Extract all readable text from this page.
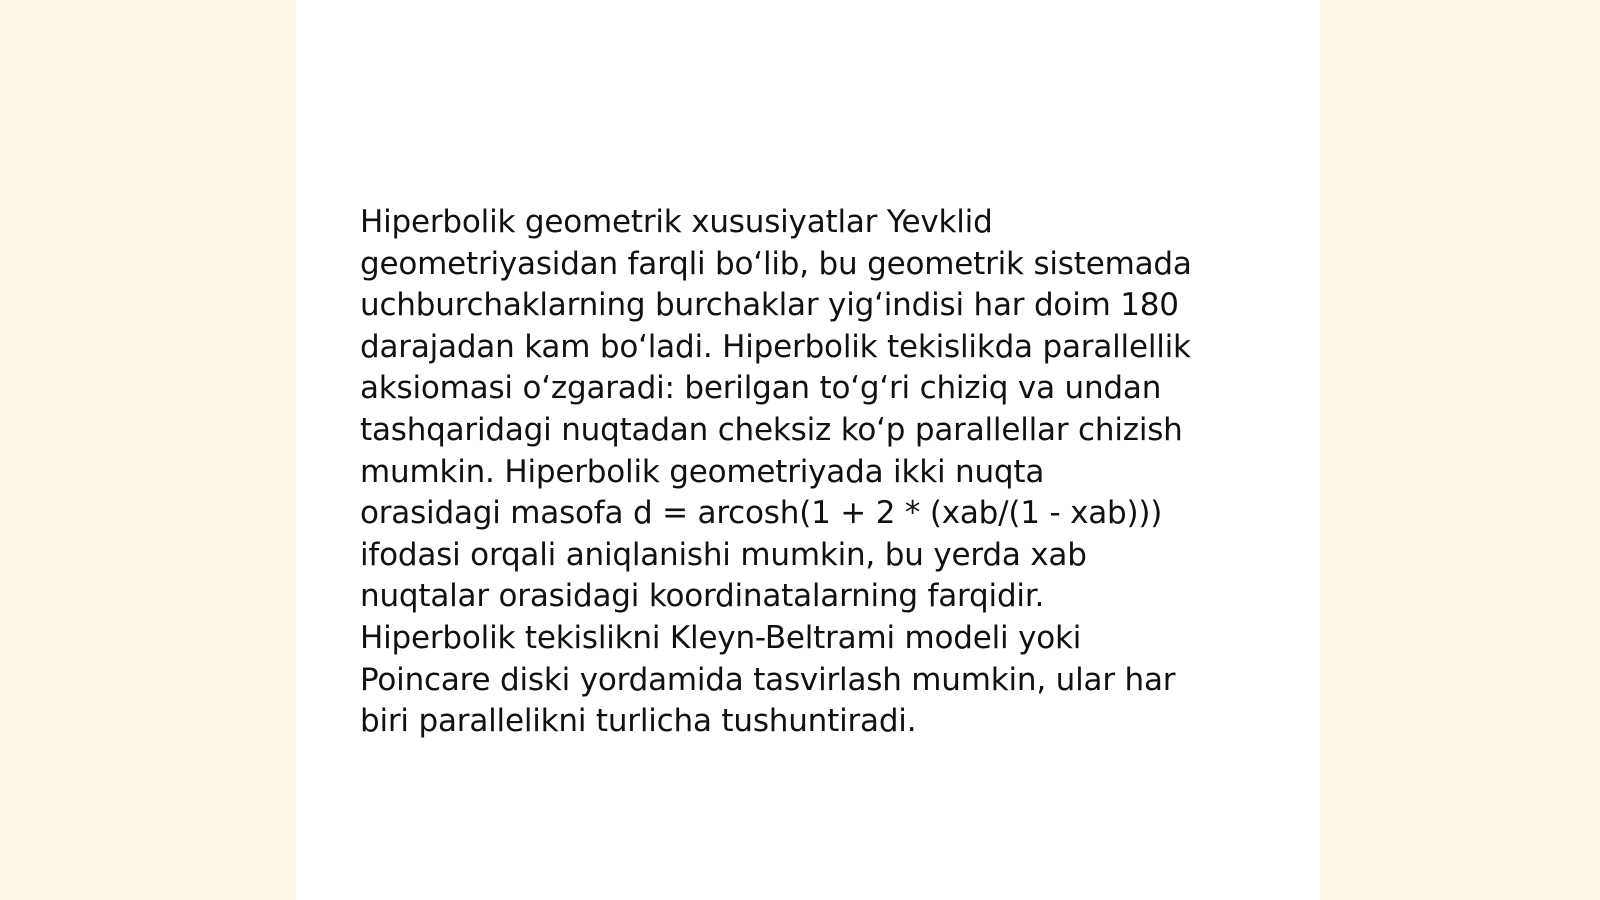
Hiperbolik geometrik xususiyatlar Yevklid
geometriyasidan farqli bo‘lib, bu geometrik sistemada
uchburchaklarning burchaklar yig‘indisi har doim 180
darajadan kam bo‘ladi. Hiperbolik tekislikda parallellik
aksiomasi o‘zgaradi: berilgan to‘g‘ri chiziq va undan
tashqaridagi nuqtadan cheksiz ko‘p parallellar chizish
mumkin. Hiperbolik geometriyada ikki nuqta
orasidagi masofa d = arcosh(1 + 2 * (xab/(1 - xab)))
ifodasi orqali aniqlanishi mumkin, bu yerda xab
nuqtalar orasidagi koordinatalarning farqidir.
Hiperbolik tekislikni Kleyn-Beltrami modeli yoki
Poincare diski yordamida tasvirlash mumkin, ular har
biri parallelikni turlicha tushuntiradi.
